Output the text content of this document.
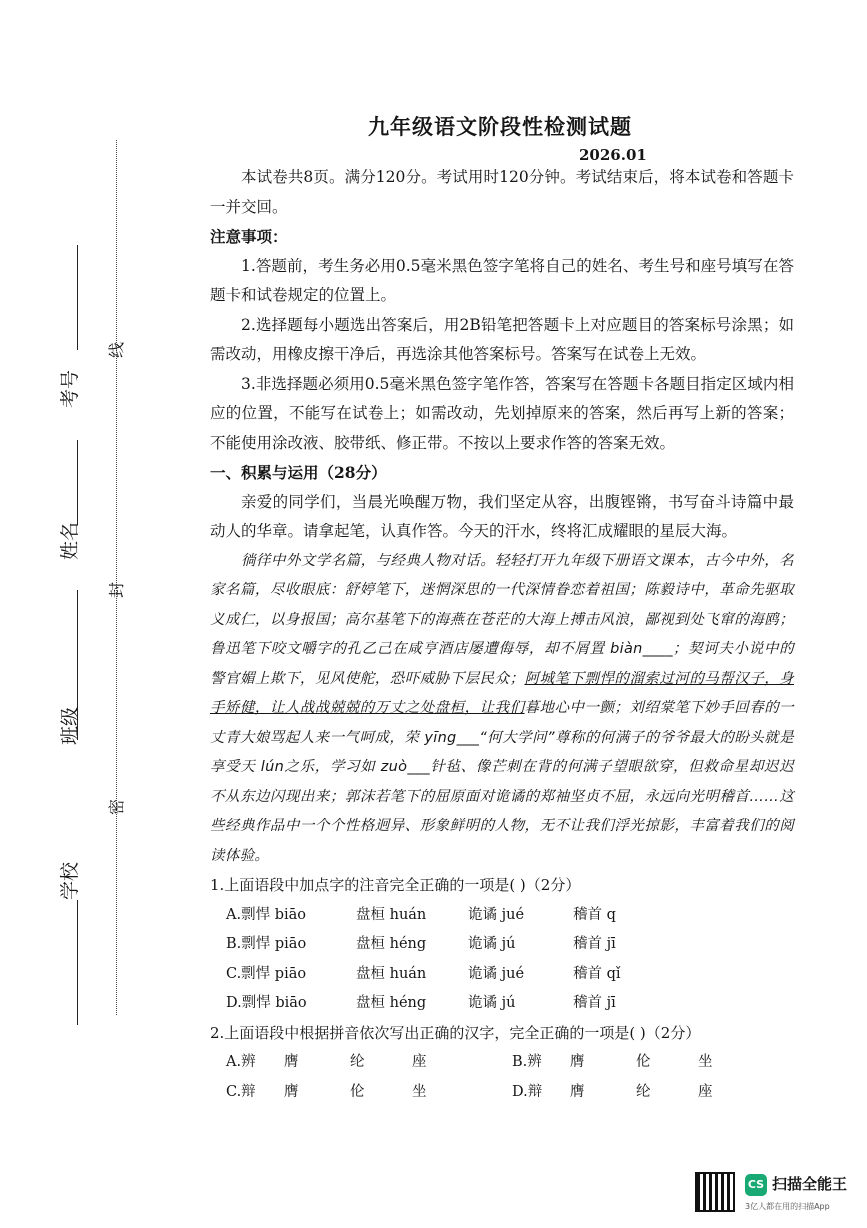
学校
班级
姓名
考号
密
封
线
九年级语文阶段性检测试题
2026.01

本试卷共8页。满分120分。考试用时120分钟。考试结束后，将本试卷和答题卡一并交回。

注意事项：

1.答题前，考生务必用0.5毫米黑色签字笔将自己的姓名、考生号和座号填写在答题卡和试卷规定的位置上。

2.选择题每小题选出答案后，用2B铅笔把答题卡上对应题目的答案标号涂黑；如需改动，用橡皮擦干净后，再选涂其他答案标号。答案写在试卷上无效。

3.非选择题必须用0.5毫米黑色签字笔作答，答案写在答题卡各题目指定区域内相应的位置，不能写在试卷上；如需改动，先划掉原来的答案，然后再写上新的答案；不能使用涂改液、胶带纸、修正带。不按以上要求作答的答案无效。

一、积累与运用（28分）

亲爱的同学们，当晨光唤醒万物，我们坚定从容，出腹铿锵，书写奋斗诗篇中最动人的华章。请拿起笔，认真作答。今天的汗水，终将汇成耀眼的星辰大海。

徜徉中外文学名篇，与经典人物对话。轻轻打开九年级下册语文课本，古今中外，名家名篇，尽收眼底：舒婷笔下，迷惘深思的一代深情眷恋着祖国；陈毅诗中，革命先驱取义成仁，以身报国；高尔基笔下的海燕在苍茫的大海上搏击风浪，鄙视到处飞窜的海鸥；鲁迅笔下咬文嚼字的孔乙己在咸亨酒店屡遭侮辱，却不屑置 biàn____；契诃夫小说中的警官媚上欺下，见风使舵，恐吓威胁下层民众；阿城笔下剽悍的溜索过河的马帮汉子，身手矫健，让人战战兢兢的万丈之处盘桓，让我们暮地心中一颤；刘绍棠笔下妙手回春的一丈青大娘骂起人来一气呵成，荣 yīng___“何大学问”尊称的何满子的爷爷最大的盼头就是享受天 lún之乐，学习如 zuò___针毡、像芒刺在背的何满子望眼欲穿，但救命星却迟迟不从东边闪现出来；郭沫若笔下的屈原面对诡谲的郑袖坚贞不屈，永远向光明稽首……这些经典作品中一个个性格迥异、形象鲜明的人物，无不让我们浮光掠影，丰富着我们的阅读体验。

1.上面语段中加点字的注音完全正确的一项是( )（2分）

A.剽悍 biāo	盘桓 huán	诡谲 jué	稽首 q
B.剽悍 piāo	盘桓 héng	诡谲 jú	稽首 jī
C.剽悍 piāo	盘桓 huán	诡谲 jué	稽首 qǐ
D.剽悍 biāo	盘桓 héng	诡谲 jú	稽首 jī

2.上面语段中根据拼音依次写出正确的汉字，完全正确的一项是( )（2分）

A.辨	膺	纶	座	B.辨	膺	伦	坐
C.辩	膺	伦	坐	D.辩	膺	纶	座
CS 扫描全能王
3亿人都在用的扫描App
